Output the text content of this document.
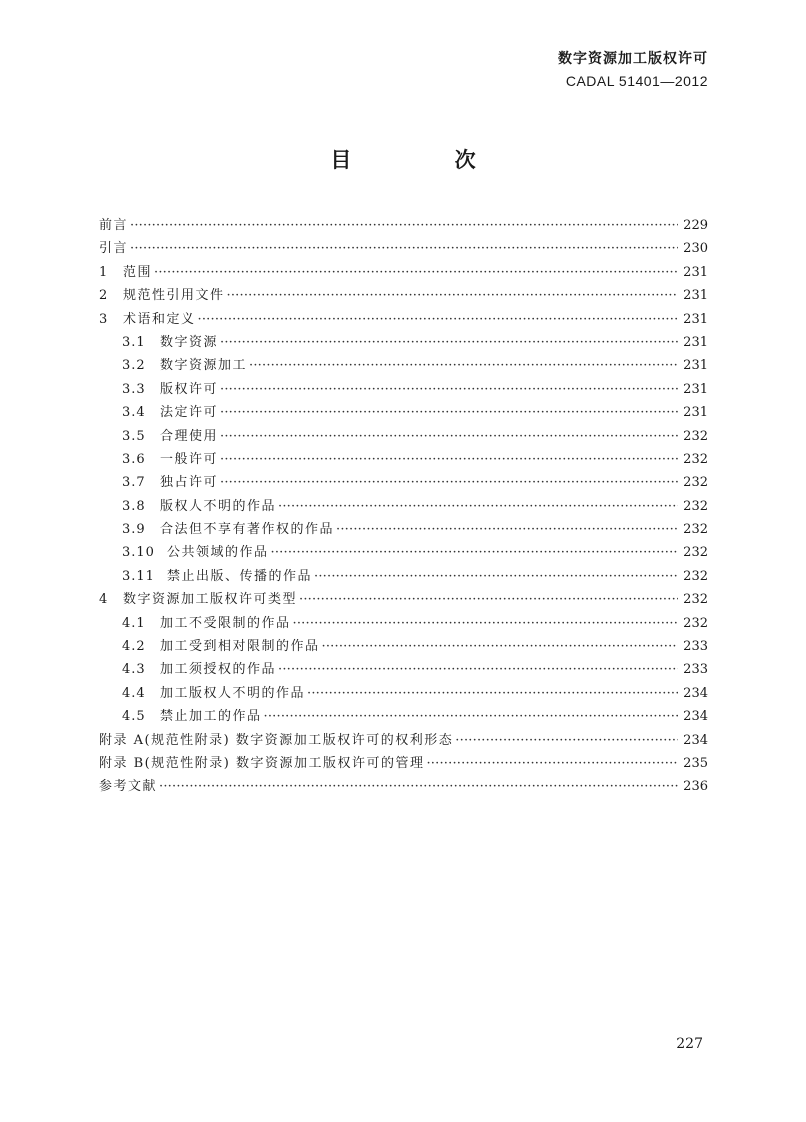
数字资源加工版权许可
CADAL 51401—2012
目 次
前言 ·····	229
引言 ·····	230
1	范围 ·····	231
2	规范性引用文件 ·····	231
3	术语和定义 ·····	231
3.1	数字资源 ·····	231
3.2	数字资源加工 ·····	231
3.3	版权许可 ·····	231
3.4	法定许可 ·····	231
3.5	合理使用 ·····	232
3.6	一般许可 ·····	232
3.7	独占许可 ·····	232
3.8	版权人不明的作品 ·····	232
3.9	合法但不享有著作权的作品 ·····	232
3.10 公共领域的作品 ·····	232
3.11 禁止出版、传播的作品 ·····	232
4	数字资源加工版权许可类型 ·····	232
4.1	加工不受限制的作品 ·····	232
4.2	加工受到相对限制的作品 ·····	233
4.3	加工须授权的作品 ·····	233
4.4	加工版权人不明的作品 ·····	234
4.5	禁止加工的作品 ·····	234
附录 A(规范性附录) 数字资源加工版权许可的权利形态 ·····	234
附录 B(规范性附录) 数字资源加工版权许可的管理 ·····	235
参考文献 ·····	236
227
